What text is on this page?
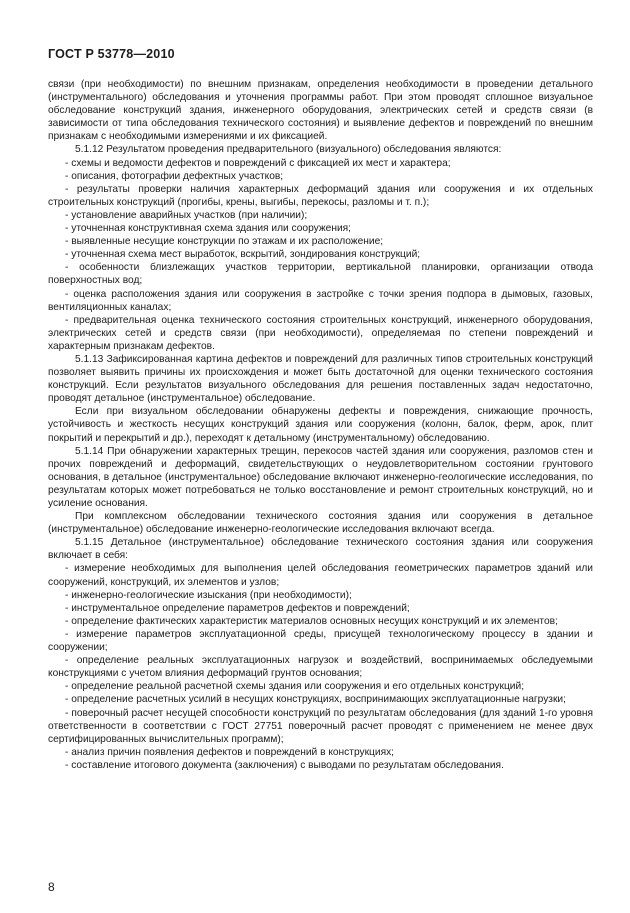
ГОСТ Р 53778—2010

связи (при необходимости) по внешним признакам, определения необходимости в проведении детального (инструментального) обследования и уточнения программы работ. При этом проводят сплошное визуальное обследование конструкций здания, инженерного оборудования, электрических сетей и средств связи (в зависимости от типа обследования технического состояния) и выявление дефектов и повреждений по внешним признакам с необходимыми измерениями и их фиксацией.

5.1.12 Результатом проведения предварительного (визуального) обследования являются:

- схемы и ведомости дефектов и повреждений с фиксацией их мест и характера;

- описания, фотографии дефектных участков;

- результаты проверки наличия характерных деформаций здания или сооружения и их отдельных строительных конструкций (прогибы, крены, выгибы, перекосы, разломы и т. п.);

- установление аварийных участков (при наличии);

- уточненная конструктивная схема здания или сооружения;

- выявленные несущие конструкции по этажам и их расположение;

- уточненная схема мест выработок, вскрытий, зондирования конструкций;

- особенности близлежащих участков территории, вертикальной планировки, организации отвода поверхностных вод;

- оценка расположения здания или сооружения в застройке с точки зрения подпора в дымовых, газовых, вентиляционных каналах;

- предварительная оценка технического состояния строительных конструкций, инженерного оборудования, электрических сетей и средств связи (при необходимости), определяемая по степени повреждений и характерным признакам дефектов.

5.1.13 Зафиксированная картина дефектов и повреждений для различных типов строительных конструкций позволяет выявить причины их происхождения и может быть достаточной для оценки технического состояния конструкций. Если результатов визуального обследования для решения поставленных задач недостаточно, проводят детальное (инструментальное) обследование.

Если при визуальном обследовании обнаружены дефекты и повреждения, снижающие прочность, устойчивость и жесткость несущих конструкций здания или сооружения (колонн, балок, ферм, арок, плит покрытий и перекрытий и др.), переходят к детальному (инструментальному) обследованию.

5.1.14 При обнаружении характерных трещин, перекосов частей здания или сооружения, разломов стен и прочих повреждений и деформаций, свидетельствующих о неудовлетворительном состоянии грунтового основания, в детальное (инструментальное) обследование включают инженерно-геологические исследования, по результатам которых может потребоваться не только восстановление и ремонт строительных конструкций, но и усиление основания.

При комплексном обследовании технического состояния здания или сооружения в детальное (инструментальное) обследование инженерно-геологические исследования включают всегда.

5.1.15 Детальное (инструментальное) обследование технического состояния здания или сооружения включает в себя:

- измерение необходимых для выполнения целей обследования геометрических параметров зданий или сооружений, конструкций, их элементов и узлов;

- инженерно-геологические изыскания (при необходимости);

- инструментальное определение параметров дефектов и повреждений;

- определение фактических характеристик материалов основных несущих конструкций и их элементов;

- измерение параметров эксплуатационной среды, присущей технологическому процессу в здании и сооружении;

- определение реальных эксплуатационных нагрузок и воздействий, воспринимаемых обследуемыми конструкциями с учетом влияния деформаций грунтов основания;

- определение реальной расчетной схемы здания или сооружения и его отдельных конструкций;

- определение расчетных усилий в несущих конструкциях, воспринимающих эксплуатационные нагрузки;

- поверочный расчет несущей способности конструкций по результатам обследования (для зданий 1-го уровня ответственности в соответствии с ГОСТ 27751 поверочный расчет проводят с применением не менее двух сертифицированных вычислительных программ);

- анализ причин появления дефектов и повреждений в конструкциях;

- составление итогового документа (заключения) с выводами по результатам обследования.

8
